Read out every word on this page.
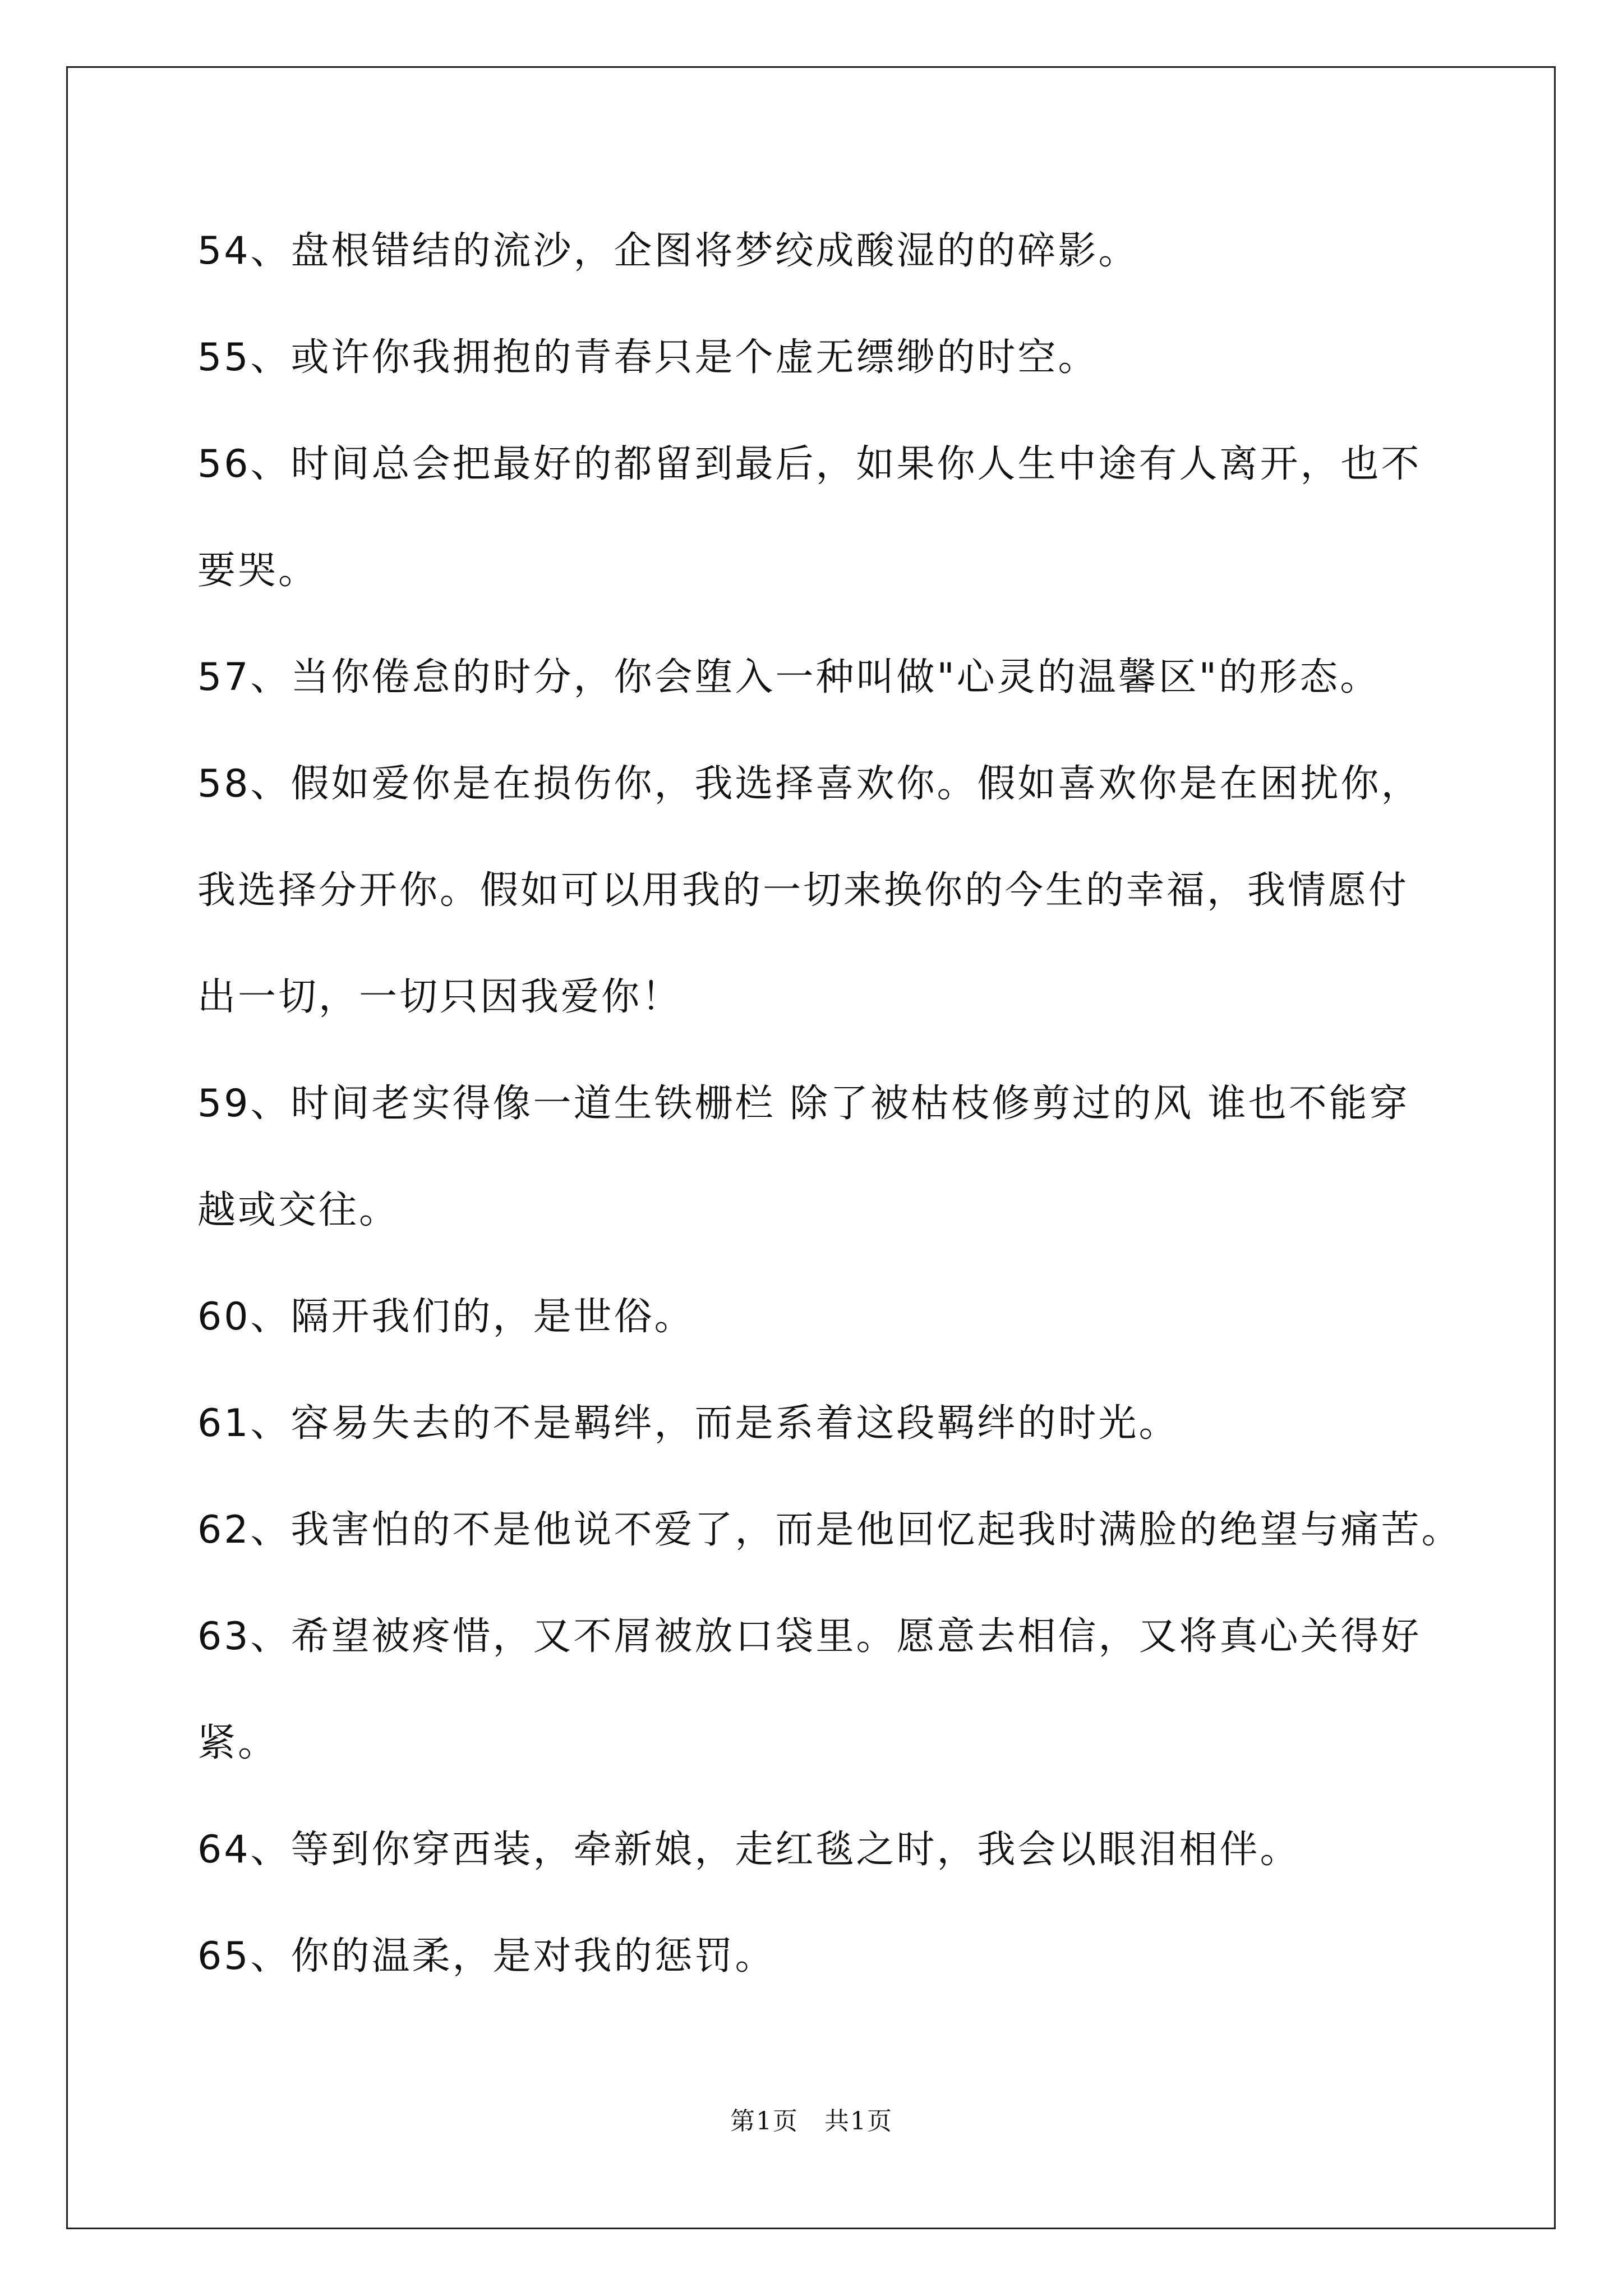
54、盘根错结的流沙，企图将梦绞成酸湿的的碎影。
55、或许你我拥抱的青春只是个虚无缥缈的时空。
56、时间总会把最好的都留到最后，如果你人生中途有人离开，也不
要哭。
57、当你倦怠的时分，你会堕入一种叫做"心灵的温馨区"的形态。
58、假如爱你是在损伤你，我选择喜欢你。假如喜欢你是在困扰你，
我选择分开你。假如可以用我的一切来换你的今生的幸福，我情愿付
出一切，一切只因我爱你！
59、时间老实得像一道生铁栅栏 除了被枯枝修剪过的风 谁也不能穿
越或交往。
60、隔开我们的，是世俗。
61、容易失去的不是羁绊，而是系着这段羁绊的时光。
62、我害怕的不是他说不爱了，而是他回忆起我时满脸的绝望与痛苦。
63、希望被疼惜，又不屑被放口袋里。愿意去相信，又将真心关得好
紧。
64、等到你穿西装，牵新娘，走红毯之时，我会以眼泪相伴。
65、你的温柔，是对我的惩罚。
第1页　共1页
